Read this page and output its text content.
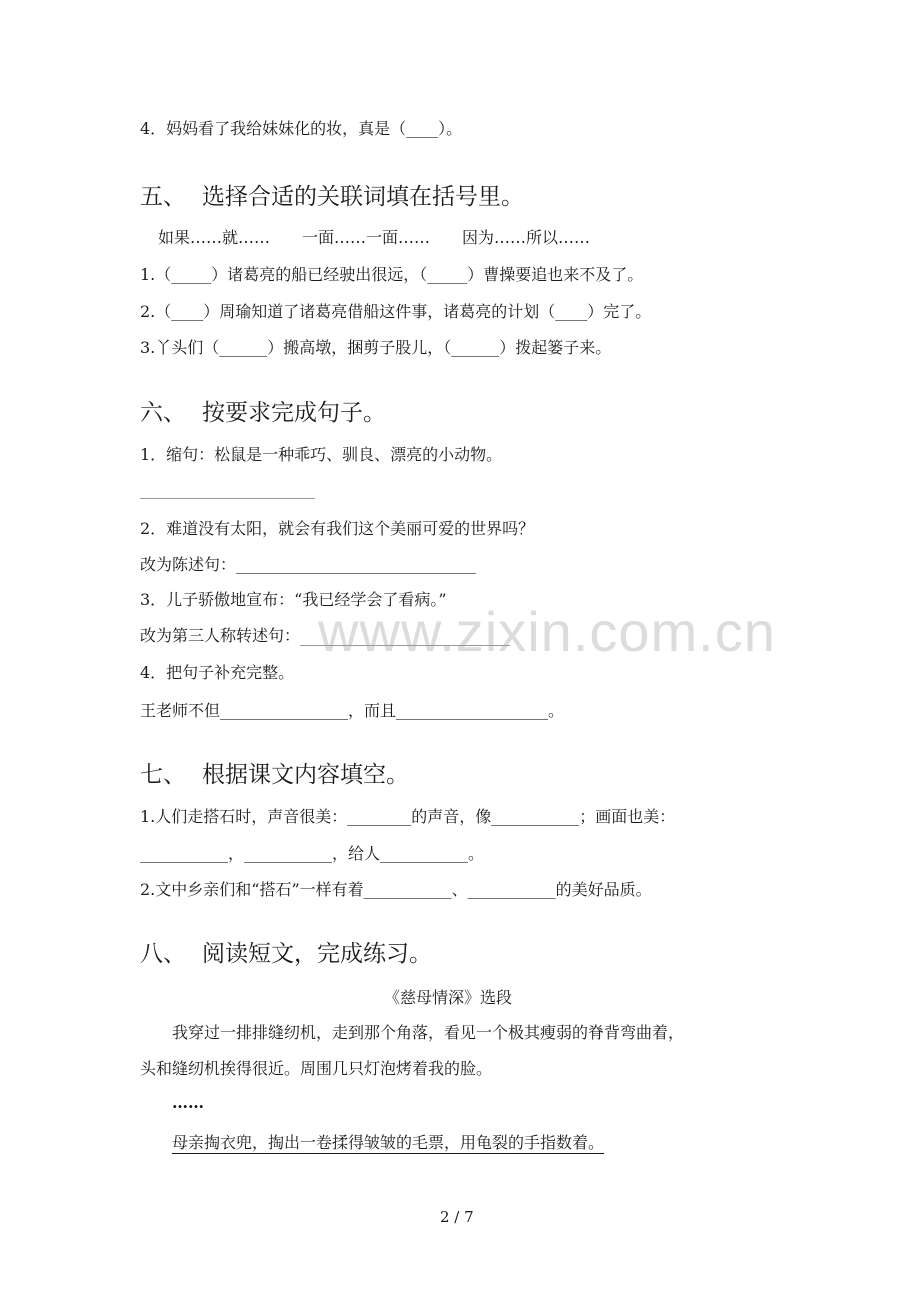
www.zixin.com.cn
4．妈妈看了我给妹妹化的妆，真是（____）。
五、 选择合适的关联词填在括号里。
如果……就……　　一面……一面……　　因为……所以……
1.（_____）诸葛亮的船已经驶出很远，（_____）曹操要追也来不及了。
2.（____）周瑜知道了诸葛亮借船这件事，诸葛亮的计划（____）完了。
3.丫头们（______）搬高墩，捆剪子股儿，（______）拨起篓子来。
六、 按要求完成句子。
1．缩句：松鼠是一种乖巧、驯良、漂亮的小动物。
2．难道没有太阳，就会有我们这个美丽可爱的世界吗？
改为陈述句：______________________________
3．儿子骄傲地宣布：“我已经学会了看病。”
改为第三人称转述句：
4．把句子补充完整。
王老师不但________________，而且___________________。
七、 根据课文内容填空。
1.人们走搭石时，声音很美：________的声音，像___________；画面也美：
___________，___________，给人___________。
2.文中乡亲们和“搭石”一样有着___________、___________的美好品质。
八、 阅读短文，完成练习。
《慈母情深》选段
我穿过一排排缝纫机，走到那个角落，看见一个极其瘦弱的脊背弯曲着，
头和缝纫机挨得很近。周围几只灯泡烤着我的脸。
……
母亲掏衣兜，掏出一卷揉得皱皱的毛票，用龟裂的手指数着。
2 / 7
